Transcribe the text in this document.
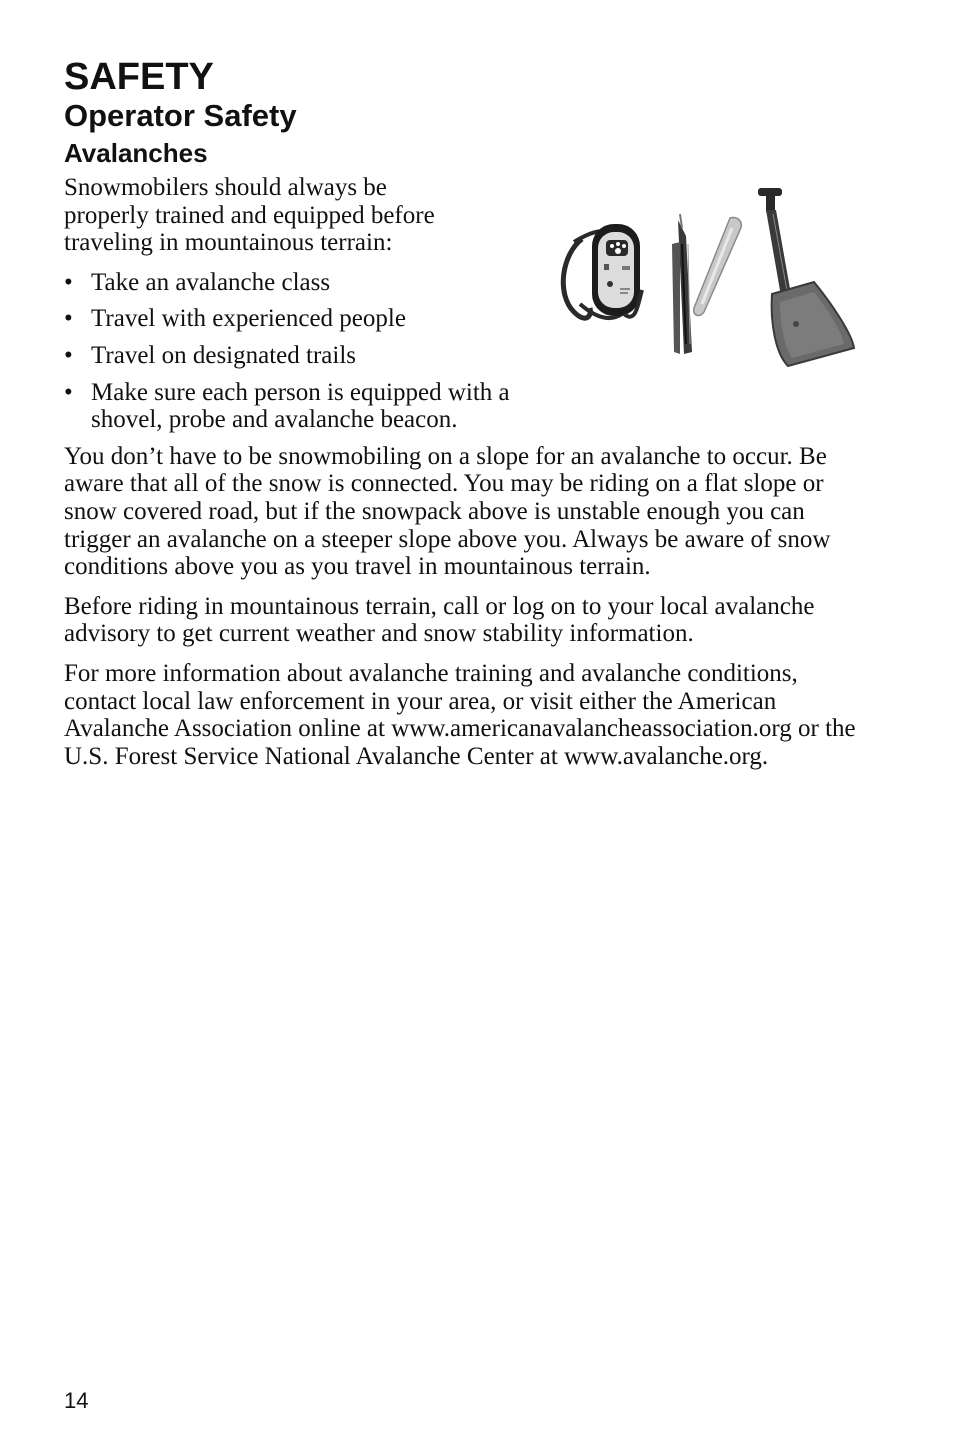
SAFETY
Operator Safety
Avalanches
Snowmobilers should always be properly trained and equipped before traveling in mountainous terrain:
• Take an avalanche class
• Travel with experienced people
• Travel on designated trails
• Make sure each person is equipped with a shovel, probe and avalanche beacon.

You don’t have to be snowmobiling on a slope for an avalanche to occur. Be aware that all of the snow is connected. You may be riding on a flat slope or snow covered road, but if the snowpack above is unstable enough you can trigger an avalanche on a steeper slope above you. Always be aware of snow conditions above you as you travel in mountainous terrain.

Before riding in mountainous terrain, call or log on to your local avalanche advisory to get current weather and snow stability information.

For more information about avalanche training and avalanche conditions, contact local law enforcement in your area, or visit either the American Avalanche Association online at www.americanavalancheassociation.org or the U.S. Forest Service National Avalanche Center at www.avalanche.org.

14
